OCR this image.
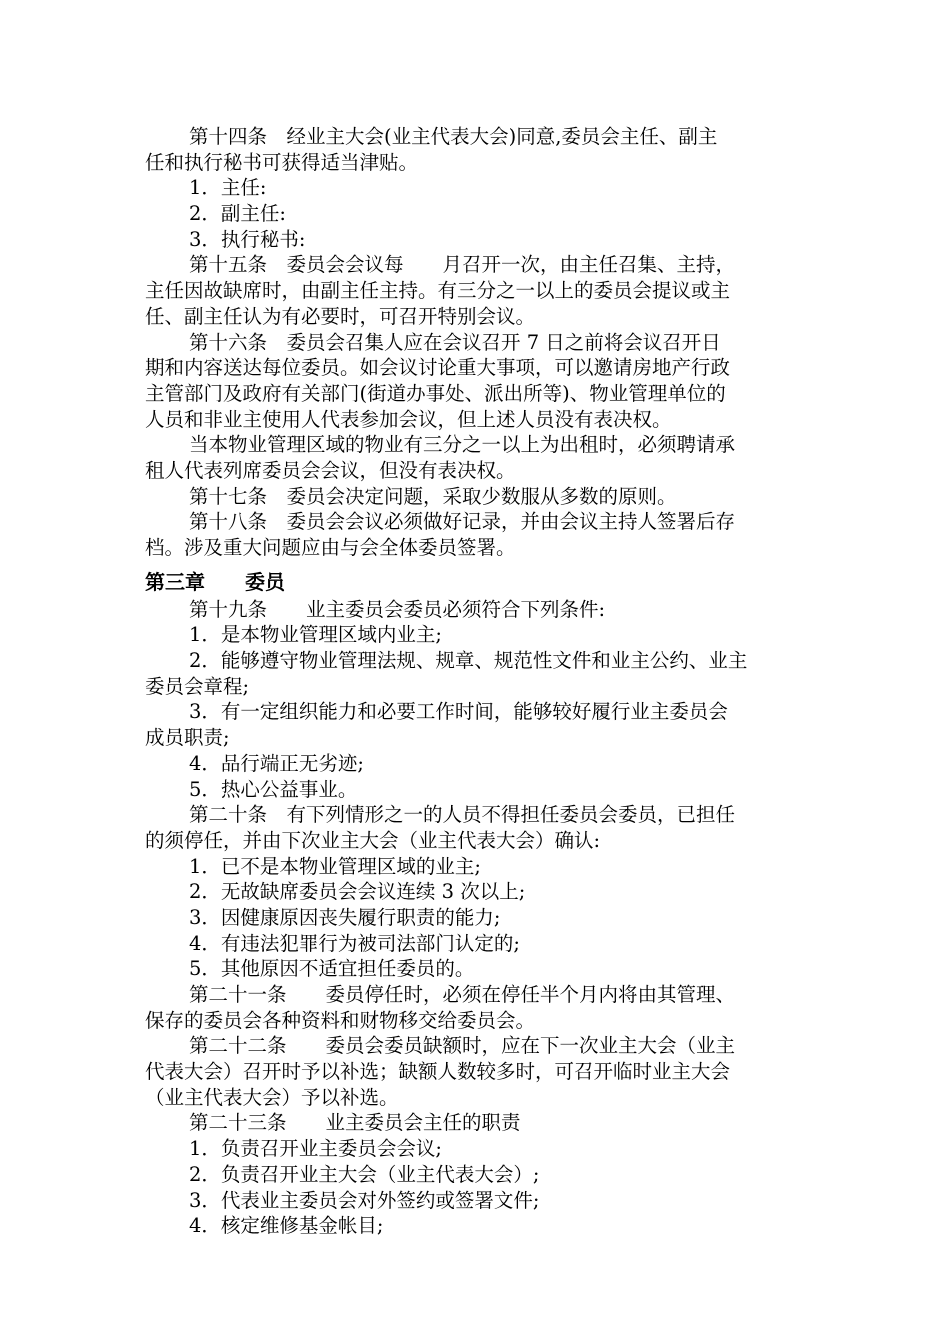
第十四条　经业主大会(业主代表大会)同意,委员会主任、副主
任和执行秘书可获得适当津贴。
1．主任:
2．副主任:
3．执行秘书:
第十五条　委员会会议每　　月召开一次，由主任召集、主持，
主任因故缺席时，由副主任主持。有三分之一以上的委员会提议或主
任、副主任认为有必要时，可召开特别会议。
第十六条　委员会召集人应在会议召开 7 日之前将会议召开日
期和内容送达每位委员。如会议讨论重大事项，可以邀请房地产行政
主管部门及政府有关部门(街道办事处、派出所等)、物业管理单位的
人员和非业主使用人代表参加会议，但上述人员没有表决权。
当本物业管理区域的物业有三分之一以上为出租时，必须聘请承
租人代表列席委员会会议，但没有表决权。
第十七条　委员会决定问题，采取少数服从多数的原则。
第十八条　委员会会议必须做好记录，并由会议主持人签署后存
档。涉及重大问题应由与会全体委员签署。
第三章　　委员
第十九条　　业主委员会委员必须符合下列条件:
1．是本物业管理区域内业主;
2．能够遵守物业管理法规、规章、规范性文件和业主公约、业主
委员会章程;
3．有一定组织能力和必要工作时间，能够较好履行业主委员会
成员职责;
4．品行端正无劣迹;
5．热心公益事业。
第二十条　有下列情形之一的人员不得担任委员会委员，已担任
的须停任，并由下次业主大会（业主代表大会）确认:
1．已不是本物业管理区域的业主;
2．无故缺席委员会会议连续 3 次以上;
3．因健康原因丧失履行职责的能力;
4．有违法犯罪行为被司法部门认定的;
5．其他原因不适宜担任委员的。
第二十一条　　委员停任时，必须在停任半个月内将由其管理、
保存的委员会各种资料和财物移交给委员会。
第二十二条　　委员会委员缺额时，应在下一次业主大会（业主
代表大会）召开时予以补选；缺额人数较多时，可召开临时业主大会
（业主代表大会）予以补选。
第二十三条　　业主委员会主任的职责
1．负责召开业主委员会会议;
2．负责召开业主大会（业主代表大会）;
3．代表业主委员会对外签约或签署文件;
4．核定维修基金帐目;
